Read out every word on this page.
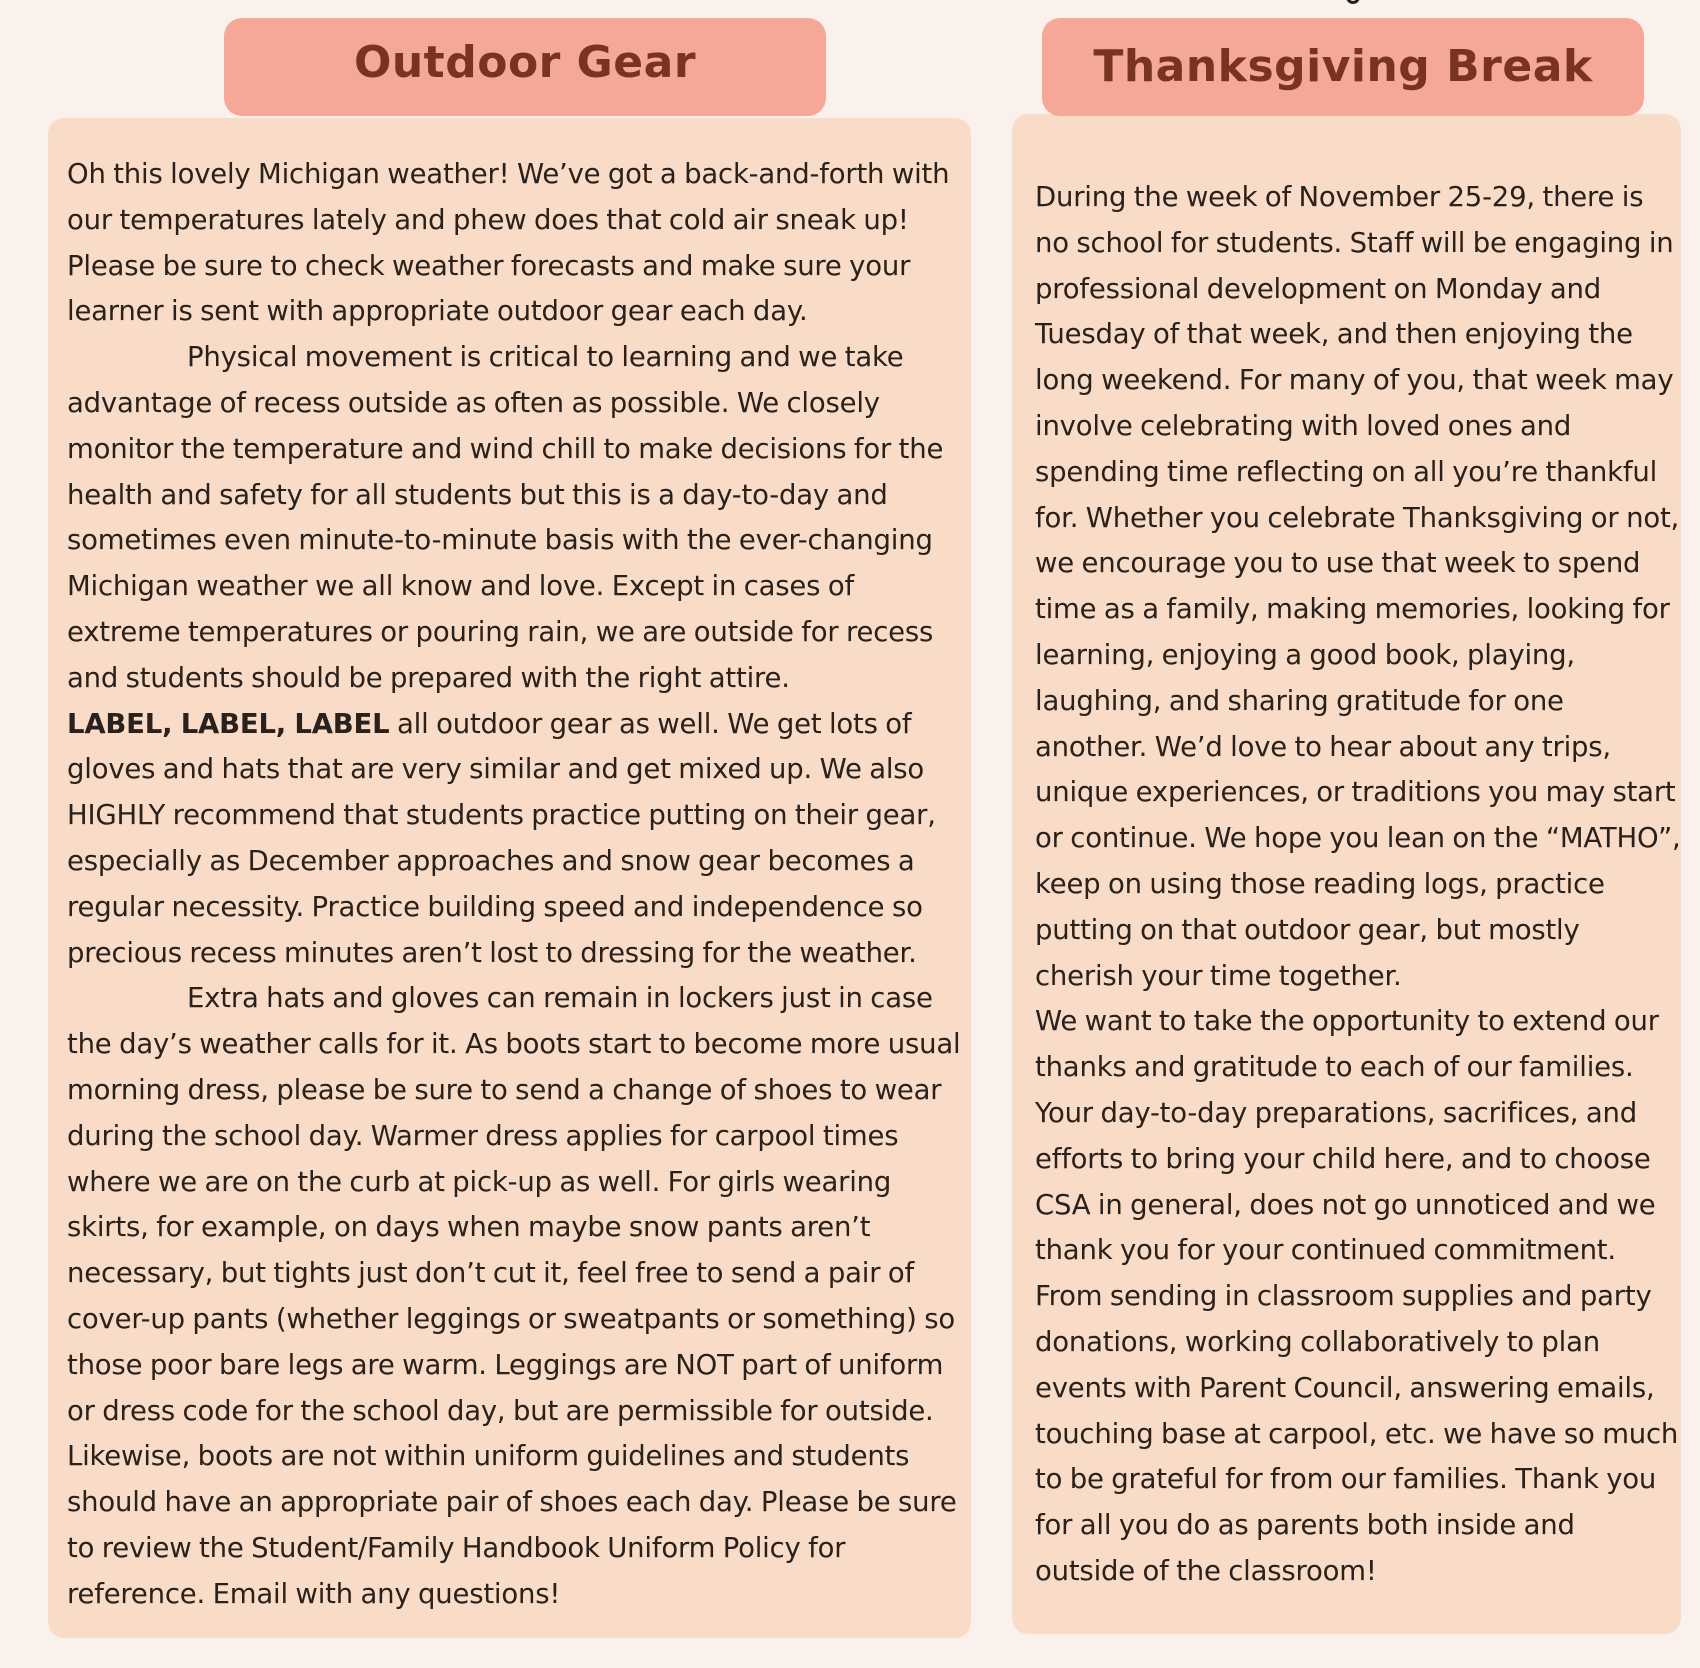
Outdoor Gear

Oh this lovely Michigan weather! We’ve got a back-and-forth with our temperatures lately and phew does that cold air sneak up! Please be sure to check weather forecasts and make sure your learner is sent with appropriate outdoor gear each day.

Physical movement is critical to learning and we take advantage of recess outside as often as possible. We closely monitor the temperature and wind chill to make decisions for the health and safety for all students but this is a day-to-day and sometimes even minute-to-minute basis with the ever-changing Michigan weather we all know and love. Except in cases of extreme temperatures or pouring rain, we are outside for recess and students should be prepared with the right attire.

LABEL, LABEL, LABEL all outdoor gear as well. We get lots of gloves and hats that are very similar and get mixed up. We also HIGHLY recommend that students practice putting on their gear, especially as December approaches and snow gear becomes a regular necessity. Practice building speed and independence so precious recess minutes aren’t lost to dressing for the weather.

Extra hats and gloves can remain in lockers just in case the day’s weather calls for it. As boots start to become more usual morning dress, please be sure to send a change of shoes to wear during the school day. Warmer dress applies for carpool times where we are on the curb at pick-up as well. For girls wearing skirts, for example, on days when maybe snow pants aren’t necessary, but tights just don’t cut it, feel free to send a pair of cover-up pants (whether leggings or sweatpants or something) so those poor bare legs are warm. Leggings are NOT part of uniform or dress code for the school day, but are permissible for outside. Likewise, boots are not within uniform guidelines and students should have an appropriate pair of shoes each day. Please be sure to review the Student/Family Handbook Uniform Policy for reference. Email with any questions!

Thanksgiving Break

During the week of November 25-29, there is no school for students. Staff will be engaging in professional development on Monday and Tuesday of that week, and then enjoying the long weekend. For many of you, that week may involve celebrating with loved ones and spending time reflecting on all you’re thankful for. Whether you celebrate Thanksgiving or not, we encourage you to use that week to spend time as a family, making memories, looking for learning, enjoying a good book, playing, laughing, and sharing gratitude for one another. We’d love to hear about any trips, unique experiences, or traditions you may start or continue. We hope you lean on the “MATHO”, keep on using those reading logs, practice putting on that outdoor gear, but mostly cherish your time together.

We want to take the opportunity to extend our thanks and gratitude to each of our families. Your day-to-day preparations, sacrifices, and efforts to bring your child here, and to choose CSA in general, does not go unnoticed and we thank you for your continued commitment. From sending in classroom supplies and party donations, working collaboratively to plan events with Parent Council, answering emails, touching base at carpool, etc. we have so much to be grateful for from our families. Thank you for all you do as parents both inside and outside of the classroom!
